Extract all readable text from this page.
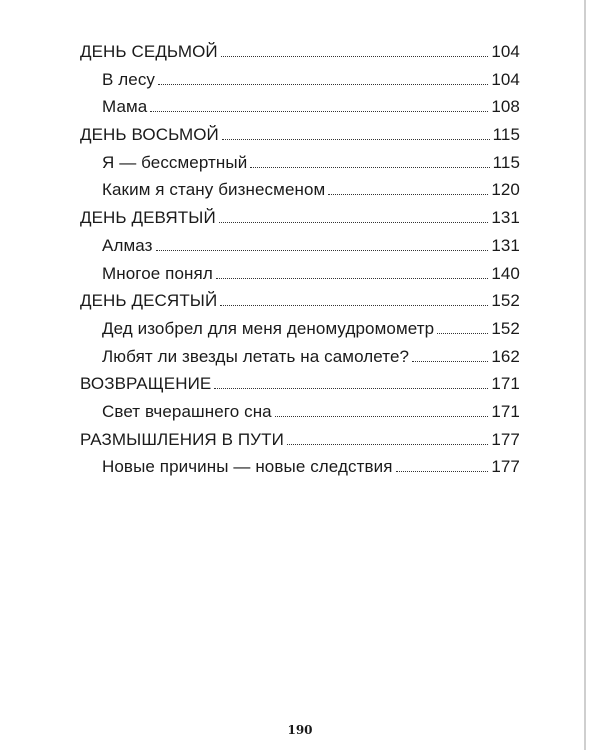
ДЕНЬ СЕДЬМОЙ	104
В лесу	104
Мама	108
ДЕНЬ ВОСЬМОЙ	115
Я — бессмертный	115
Каким я стану бизнесменом	120
ДЕНЬ ДЕВЯТЫЙ	131
Алмаз	131
Многое понял	140
ДЕНЬ ДЕСЯТЫЙ	152
Дед изобрел для меня деномудромометр	152
Любят ли звезды летать на самолете?	162
ВОЗВРАЩЕНИЕ	171
Свет вчерашнего сна	171
РАЗМЫШЛЕНИЯ В ПУТИ	177
Новые причины — новые следствия	177
190
